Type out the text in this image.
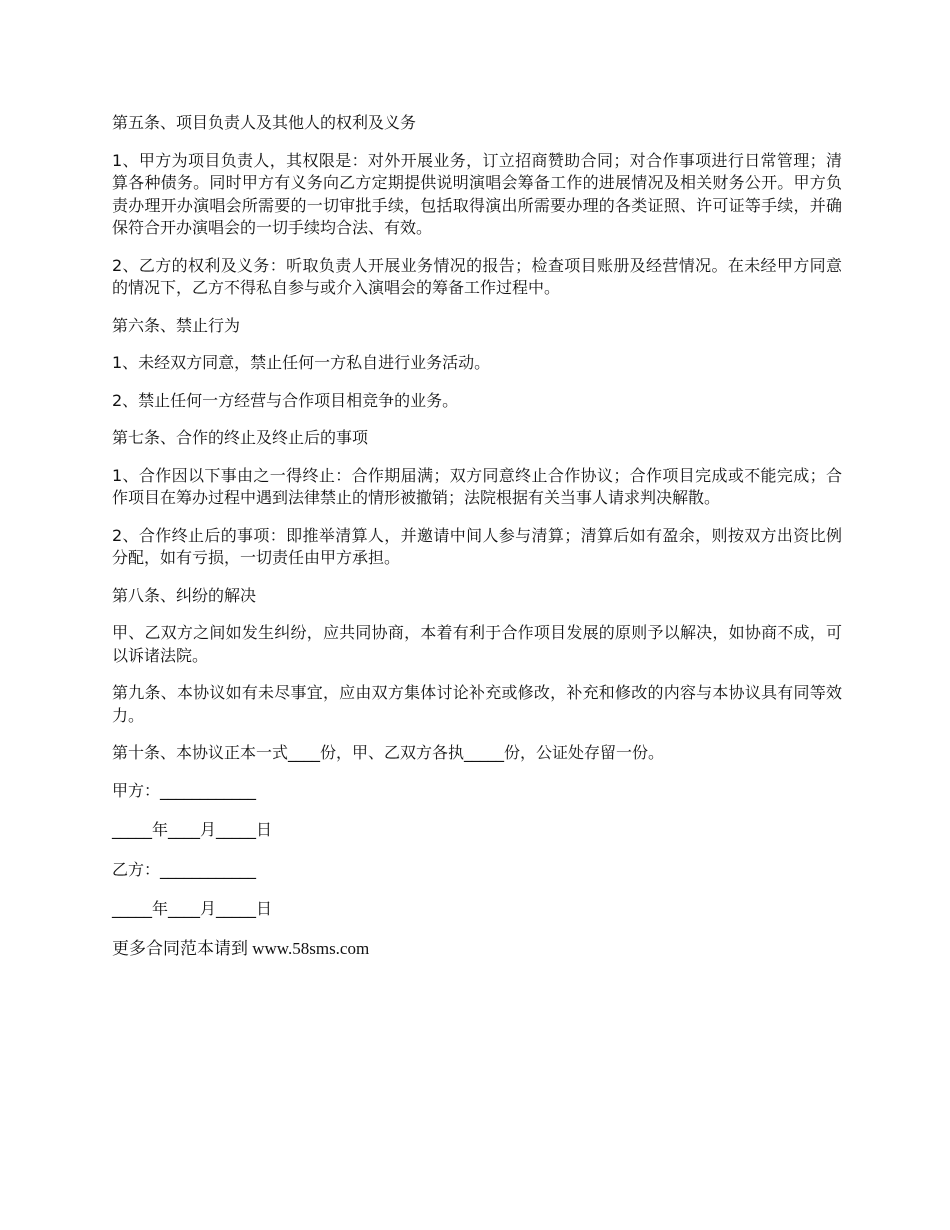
第五条、项目负责人及其他人的权利及义务

1、甲方为项目负责人，其权限是：对外开展业务，订立招商赞助合同；对合作事项进行日常管理；清算各种债务。同时甲方有义务向乙方定期提供说明演唱会筹备工作的进展情况及相关财务公开。甲方负责办理开办演唱会所需要的一切审批手续，包括取得演出所需要办理的各类证照、许可证等手续，并确保符合开办演唱会的一切手续均合法、有效。

2、乙方的权利及义务：听取负责人开展业务情况的报告；检查项目账册及经营情况。在未经甲方同意的情况下，乙方不得私自参与或介入演唱会的筹备工作过程中。

第六条、禁止行为

1、未经双方同意，禁止任何一方私自进行业务活动。

2、禁止任何一方经营与合作项目相竞争的业务。

第七条、合作的终止及终止后的事项

1、合作因以下事由之一得终止：合作期届满；双方同意终止合作协议；合作项目完成或不能完成；合作项目在筹办过程中遇到法律禁止的情形被撤销；法院根据有关当事人请求判决解散。

2、合作终止后的事项：即推举清算人，并邀请中间人参与清算；清算后如有盈余，则按双方出资比例分配，如有亏损，一切责任由甲方承担。

第八条、纠纷的解决

甲、乙双方之间如发生纠纷，应共同协商，本着有利于合作项目发展的原则予以解决，如协商不成，可以诉诸法院。

第九条、本协议如有未尽事宜，应由双方集体讨论补充或修改，补充和修改的内容与本协议具有同等效力。

第十条、本协议正本一式____份，甲、乙双方各执_____份，公证处存留一份。

甲方：____________

_____年____月_____日

乙方：____________

_____年____月_____日

更多合同范本请到 www.58sms.com
